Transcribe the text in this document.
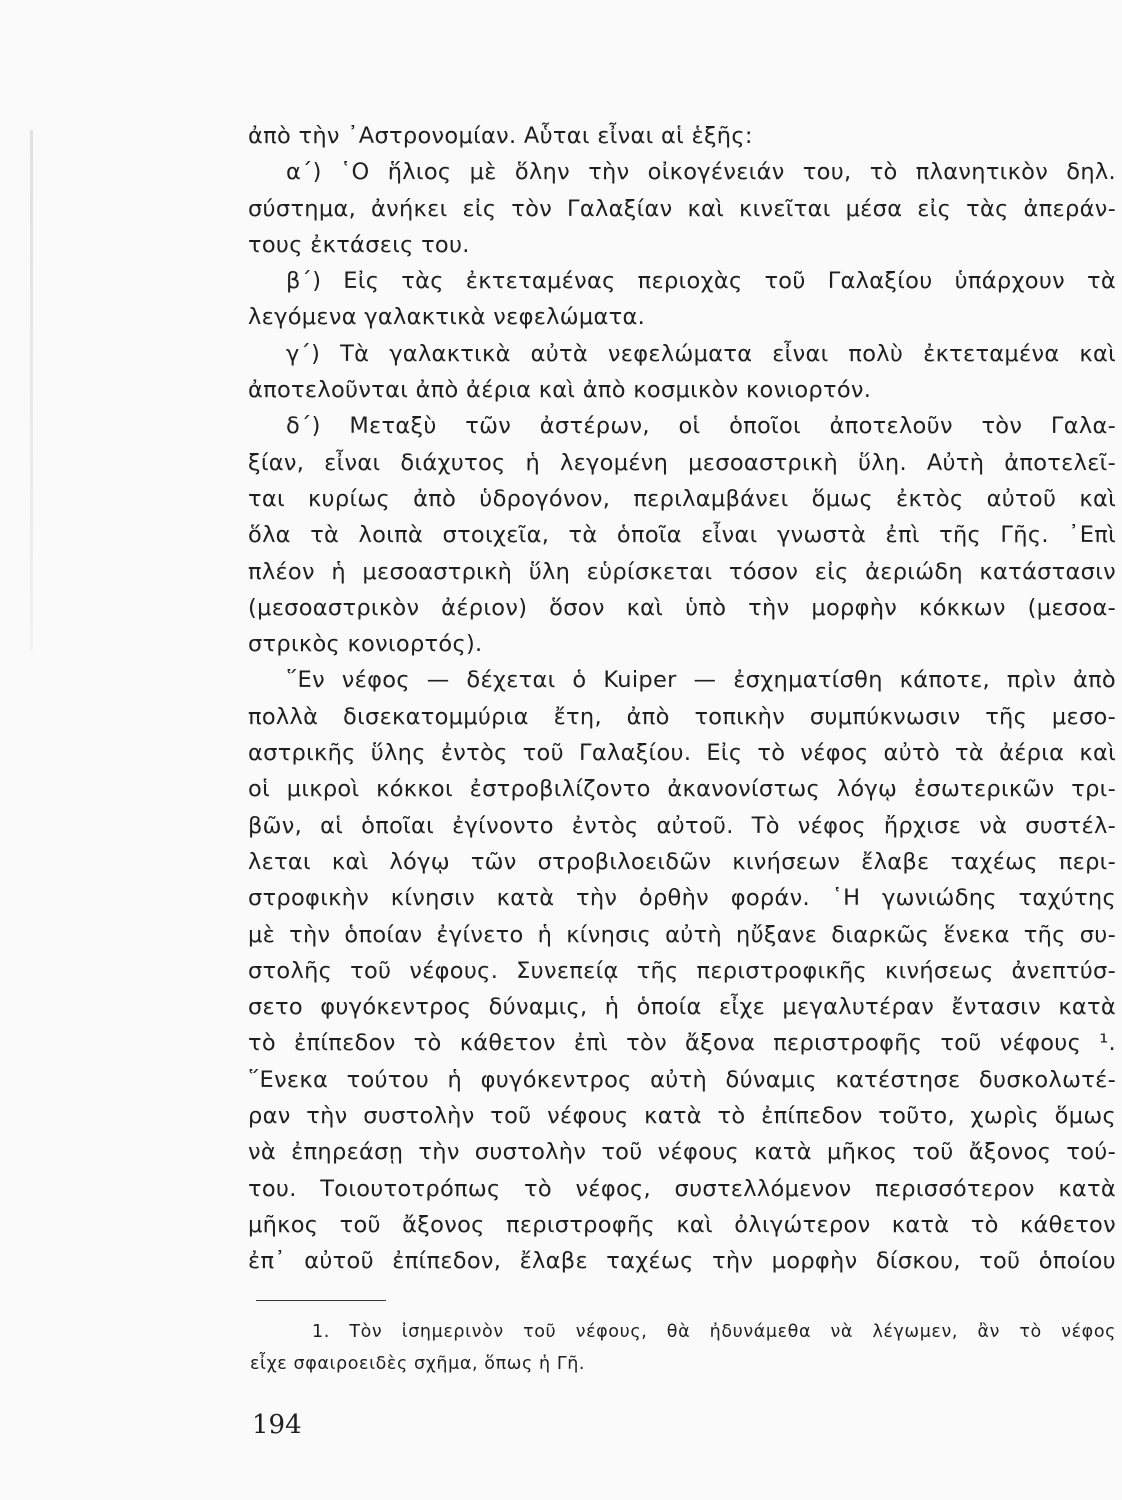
ἀπὸ τὴν ᾿Αστρονομίαν. Αὗται εἶναι αἱ ἑξῆς:
α΄) ῾Ο ἥλιος μὲ ὅλην τὴν οἰκογένειάν του, τὸ πλανητικὸν δηλ.
σύστημα, ἀνήκει εἰς τὸν Γαλαξίαν καὶ κινεῖται μέσα εἰς τὰς ἀπεράν-
τους ἐκτάσεις του.
β΄) Εἰς τὰς ἐκτεταμένας περιοχὰς τοῦ Γαλαξίου ὑπάρχουν τὰ
λεγόμενα γαλακτικὰ νεφελώματα.
γ΄) Τὰ γαλακτικὰ αὐτὰ νεφελώματα εἶναι πολὺ ἐκτεταμένα καὶ
ἀποτελοῦνται ἀπὸ ἀέρια καὶ ἀπὸ κοσμικὸν κονιορτόν.
δ΄) Μεταξὺ τῶν ἀστέρων, οἱ ὁποῖοι ἀποτελοῦν τὸν Γαλα-
ξίαν, εἶναι διάχυτος ἡ λεγομένη μεσοαστρικὴ ὕλη. Αὐτὴ ἀποτελεῖ-
ται κυρίως ἀπὸ ὑδρογόνον, περιλαμβάνει ὅμως ἐκτὸς αὐτοῦ καὶ
ὅλα τὰ λοιπὰ στοιχεῖα, τὰ ὁποῖα εἶναι γνωστὰ ἐπὶ τῆς Γῆς. ᾿Επὶ
πλέον ἡ μεσοαστρικὴ ὕλη εὑρίσκεται τόσον εἰς ἀεριώδη κατάστασιν
(μεσοαστρικὸν ἀέριον) ὅσον καὶ ὑπὸ τὴν μορφὴν κόκκων (μεσοα-
στρικὸς κονιορτός).
῞Εν νέφος — δέχεται ὁ Kuiper — ἐσχηματίσθη κάποτε, πρὶν ἀπὸ
πολλὰ δισεκατομμύρια ἔτη, ἀπὸ τοπικὴν συμπύκνωσιν τῆς μεσο-
αστρικῆς ὕλης ἐντὸς τοῦ Γαλαξίου. Εἰς τὸ νέφος αὐτὸ τὰ ἀέρια καὶ
οἱ μικροὶ κόκκοι ἐστροβιλίζοντο ἀκανονίστως λόγῳ ἐσωτερικῶν τρι-
βῶν, αἱ ὁποῖαι ἐγίνοντο ἐντὸς αὐτοῦ. Τὸ νέφος ἤρχισε νὰ συστέλ-
λεται καὶ λόγῳ τῶν στροβιλοειδῶν κινήσεων ἔλαβε ταχέως περι-
στροφικὴν κίνησιν κατὰ τὴν ὀρθὴν φοράν. ῾Η γωνιώδης ταχύτης
μὲ τὴν ὁποίαν ἐγίνετο ἡ κίνησις αὐτὴ ηὔξανε διαρκῶς ἕνεκα τῆς συ-
στολῆς τοῦ νέφους. Συνεπείᾳ τῆς περιστροφικῆς κινήσεως ἀνεπτύσ-
σετο φυγόκεντρος δύναμις, ἡ ὁποία εἶχε μεγαλυτέραν ἔντασιν κατὰ
τὸ ἐπίπεδον τὸ κάθετον ἐπὶ τὸν ἄξονα περιστροφῆς τοῦ νέφους ¹.
῞Ενεκα τούτου ἡ φυγόκεντρος αὐτὴ δύναμις κατέστησε δυσκολωτέ-
ραν τὴν συστολὴν τοῦ νέφους κατὰ τὸ ἐπίπεδον τοῦτο, χωρὶς ὅμως
νὰ ἐπηρεάσῃ τὴν συστολὴν τοῦ νέφους κατὰ μῆκος τοῦ ἄξονος τού-
του. Τοιουτοτρόπως τὸ νέφος, συστελλόμενον περισσότερον κατὰ
μῆκος τοῦ ἄξονος περιστροφῆς καὶ ὀλιγώτερον κατὰ τὸ κάθετον
ἐπ᾿ αὐτοῦ ἐπίπεδον, ἔλαβε ταχέως τὴν μορφὴν δίσκου, τοῦ ὁποίου
1. Τὸν ἰσημερινὸν τοῦ νέφους, θὰ ἠδυνάμεθα νὰ λέγωμεν, ἂν τὸ νέφος
εἶχε σφαιροειδὲς σχῆμα, ὅπως ἡ Γῆ.
194
